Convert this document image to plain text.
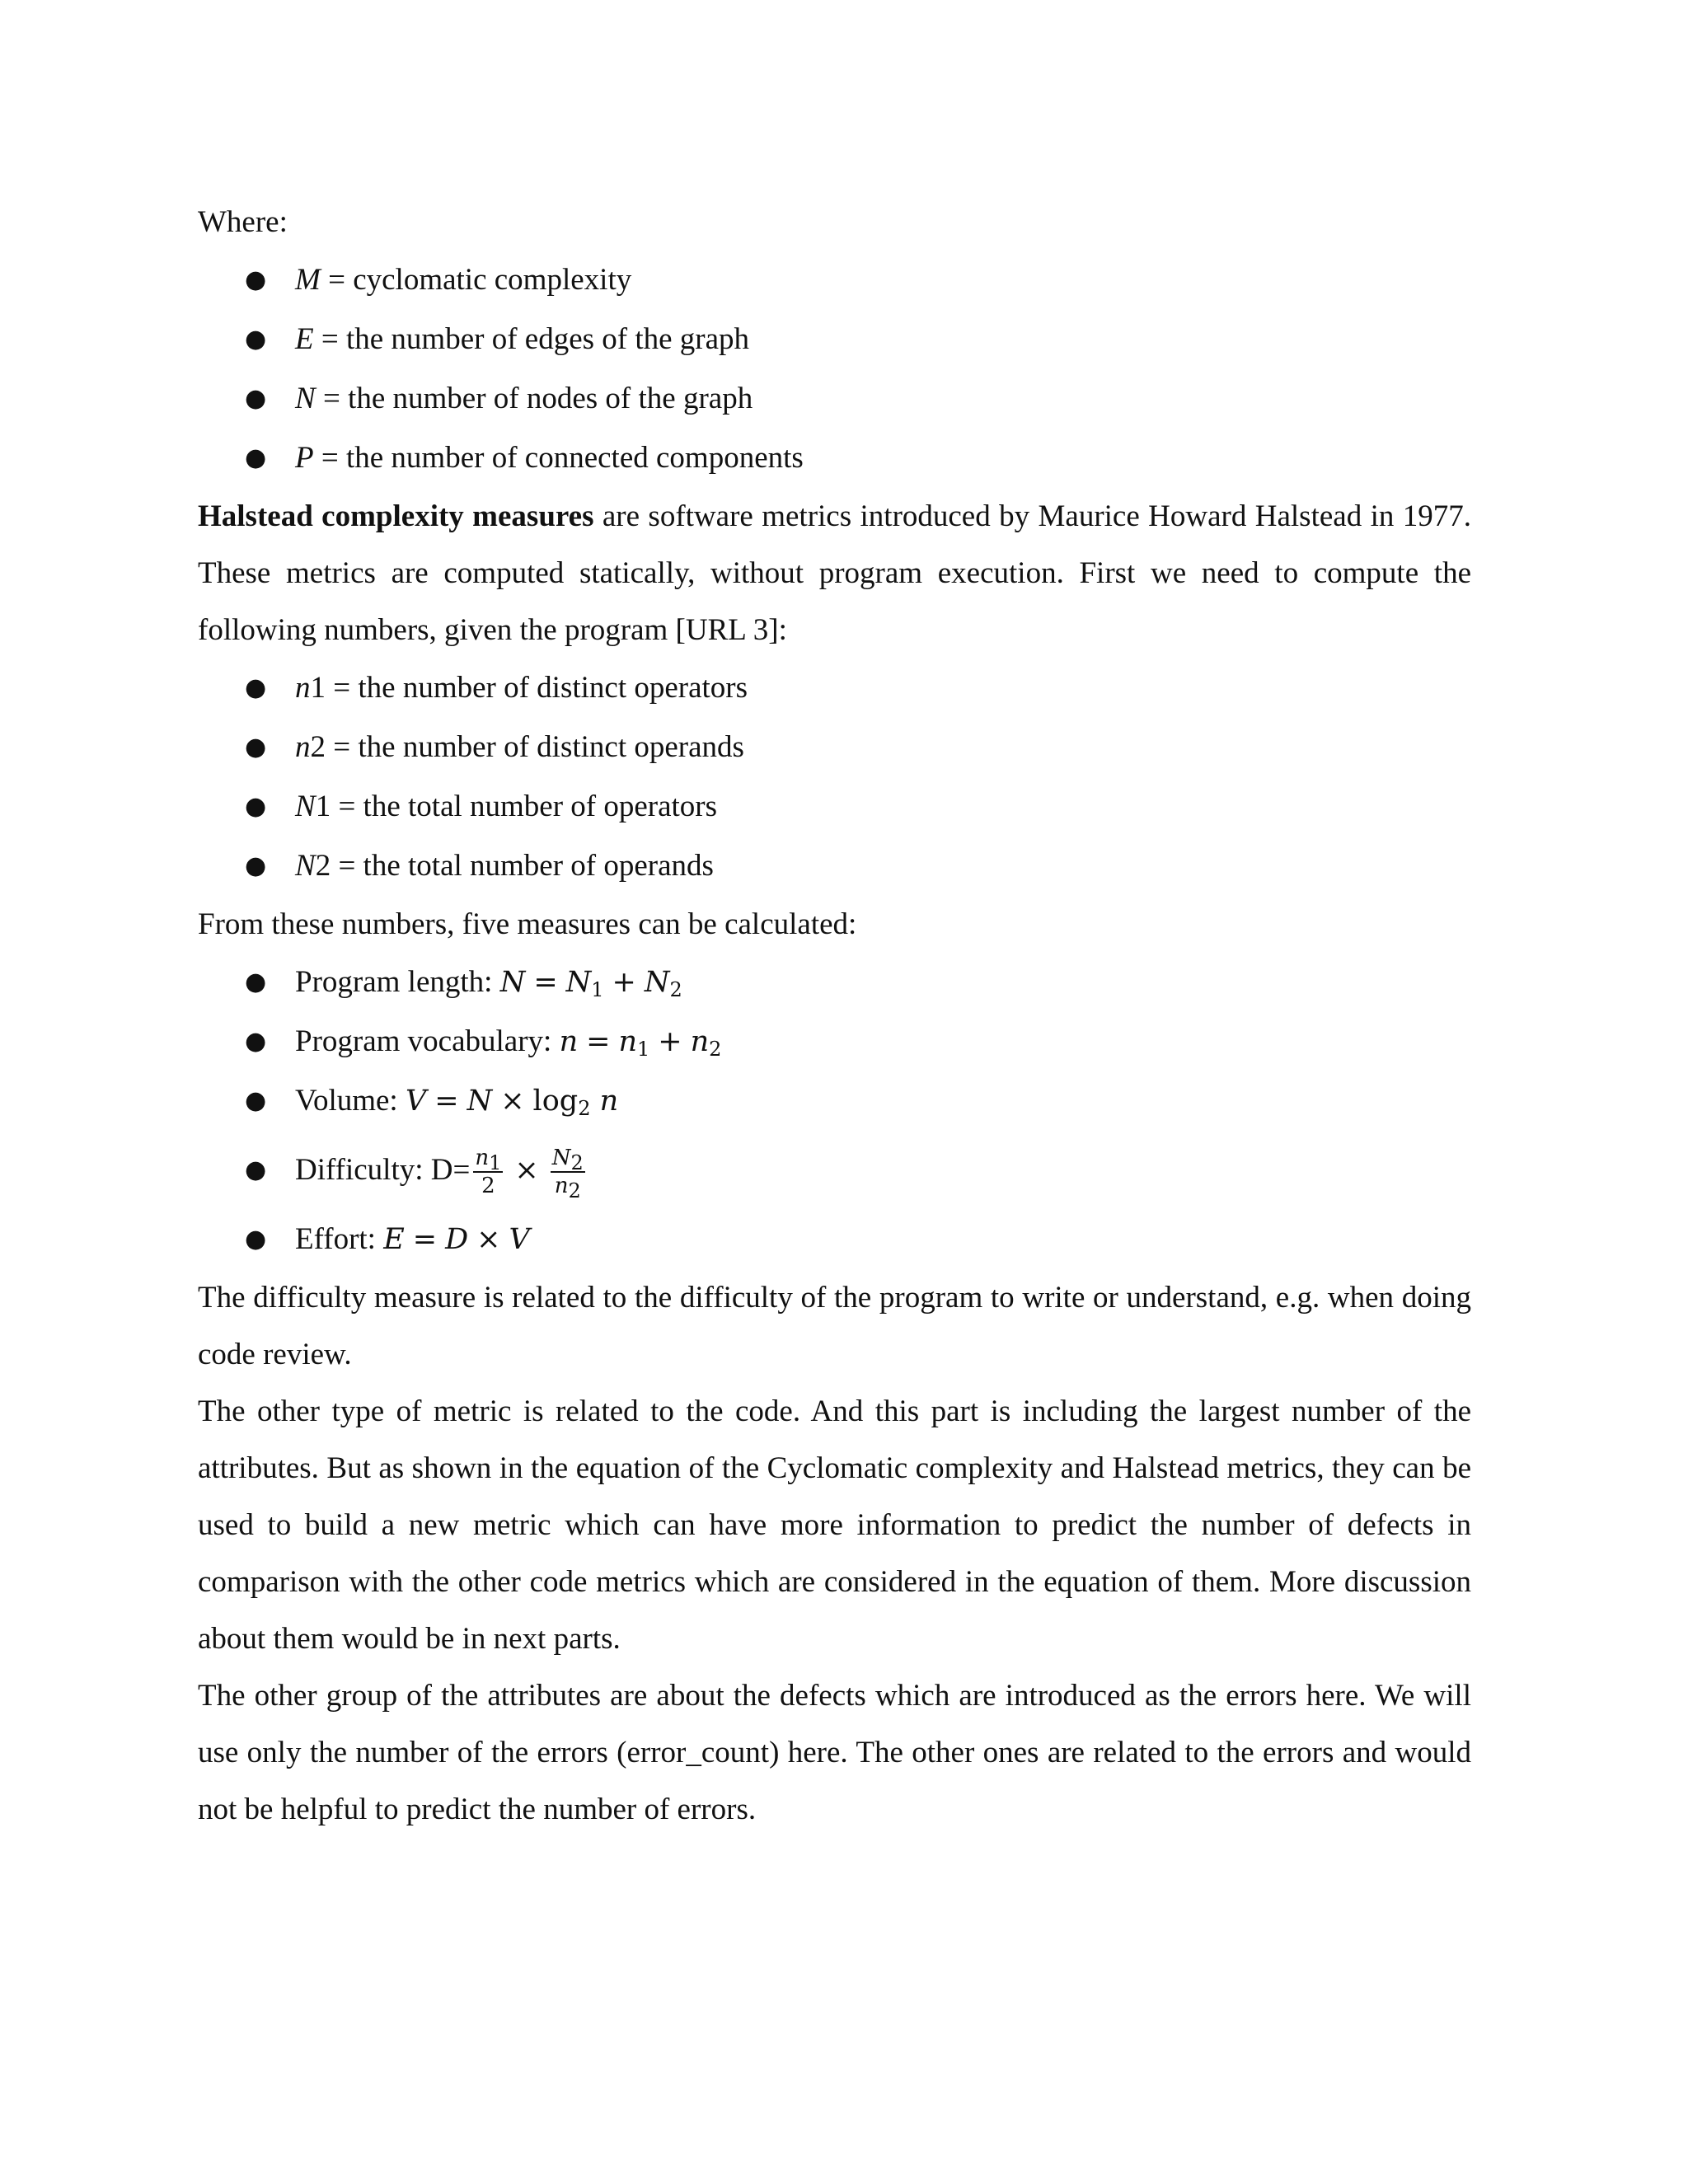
Where:

● M = cyclomatic complexity
● E = the number of edges of the graph
● N = the number of nodes of the graph
● P = the number of connected components

Halstead complexity measures are software metrics introduced by Maurice Howard Halstead in 1977. These metrics are computed statically, without program execution. First we need to compute the following numbers, given the program [URL 3]:

● n1 = the number of distinct operators
● n2 = the number of distinct operands
● N1 = the total number of operators
● N2 = the total number of operands

From these numbers, five measures can be calculated:

● Program length: $N = N_1 + N_2$
● Program vocabulary: $n = n_1 + n_2$
● Volume: $V = N \times \log_2 n$
● Difficulty: $D= \frac{n_1}{2} \times \frac{N_2}{n_2}$
● Effort: E = D × V

The difficulty measure is related to the difficulty of the program to write or understand, e.g. when doing code review.

The other type of metric is related to the code. And this part is including the largest number of the attributes. But as shown in the equation of the Cyclomatic complexity and Halstead metrics, they can be used to build a new metric which can have more information to predict the number of defects in comparison with the other code metrics which are considered in the equation of them. More discussion about them would be in next parts.

The other group of the attributes are about the defects which are introduced as the errors here. We will use only the number of the errors (error_count) here. The other ones are related to the errors and would not be helpful to predict the number of errors.
